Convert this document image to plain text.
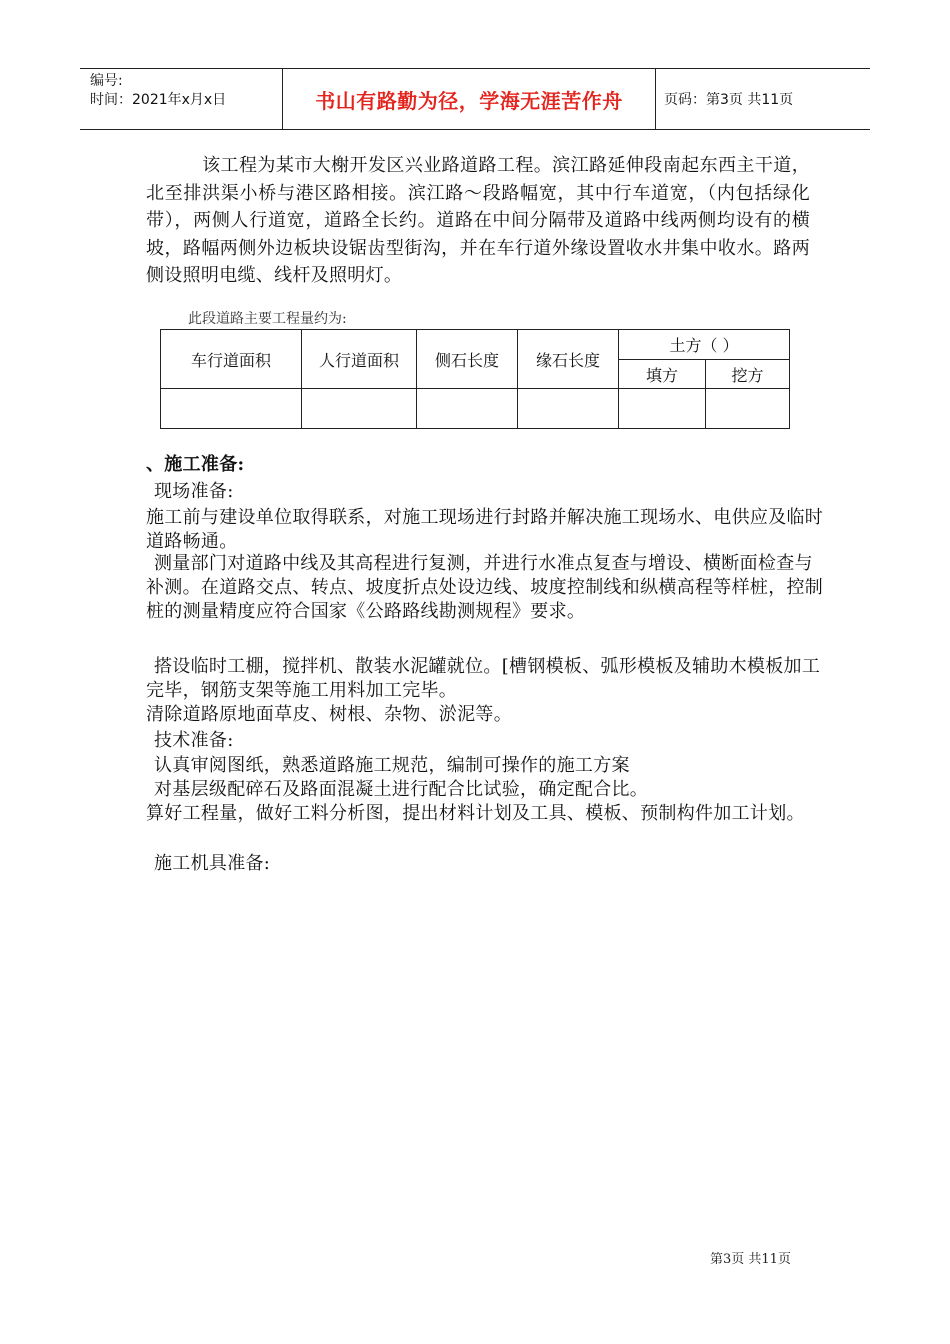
编号:
时间：2021年x月x日	书山有路勤为径，学海无涯苦作舟	页码：第3页 共11页
该工程为某市大榭开发区兴业路道路工程。滨江路延伸段南起东西主干道，北至排洪渠小桥与港区路相接。滨江路～段路幅宽，其中行车道宽，（内包括绿化带），两侧人行道宽，道路全长约。道路在中间分隔带及道路中线两侧均设有的横坡，路幅两侧外边板块设锯齿型街沟，并在车行道外缘设置收水井集中收水。路两侧设照明电缆、线杆及照明灯。
此段道路主要工程量约为:
车行道面积	人行道面积	侧石长度	缘石长度	土方（ ）	
				填方	挖方

、施工准备:
现场准备:
施工前与建设单位取得联系，对施工现场进行封路并解决施工现场水、电供应及临时道路畅通。
测量部门对道路中线及其高程进行复测，并进行水准点复查与增设、横断面检查与补测。在道路交点、转点、坡度折点处设边线、坡度控制线和纵横高程等样桩，控制桩的测量精度应符合国家《公路路线勘测规程》要求。
搭设临时工棚，搅拌机、散装水泥罐就位。[槽钢模板、弧形模板及辅助木模板加工完毕，钢筋支架等施工用料加工完毕。
清除道路原地面草皮、树根、杂物、淤泥等。
技术准备:
认真审阅图纸，熟悉道路施工规范，编制可操作的施工方案
对基层级配碎石及路面混凝土进行配合比试验，确定配合比。
算好工程量，做好工料分析图，提出材料计划及工具、模板、预制构件加工计划。
施工机具准备:
第3页 共11页
